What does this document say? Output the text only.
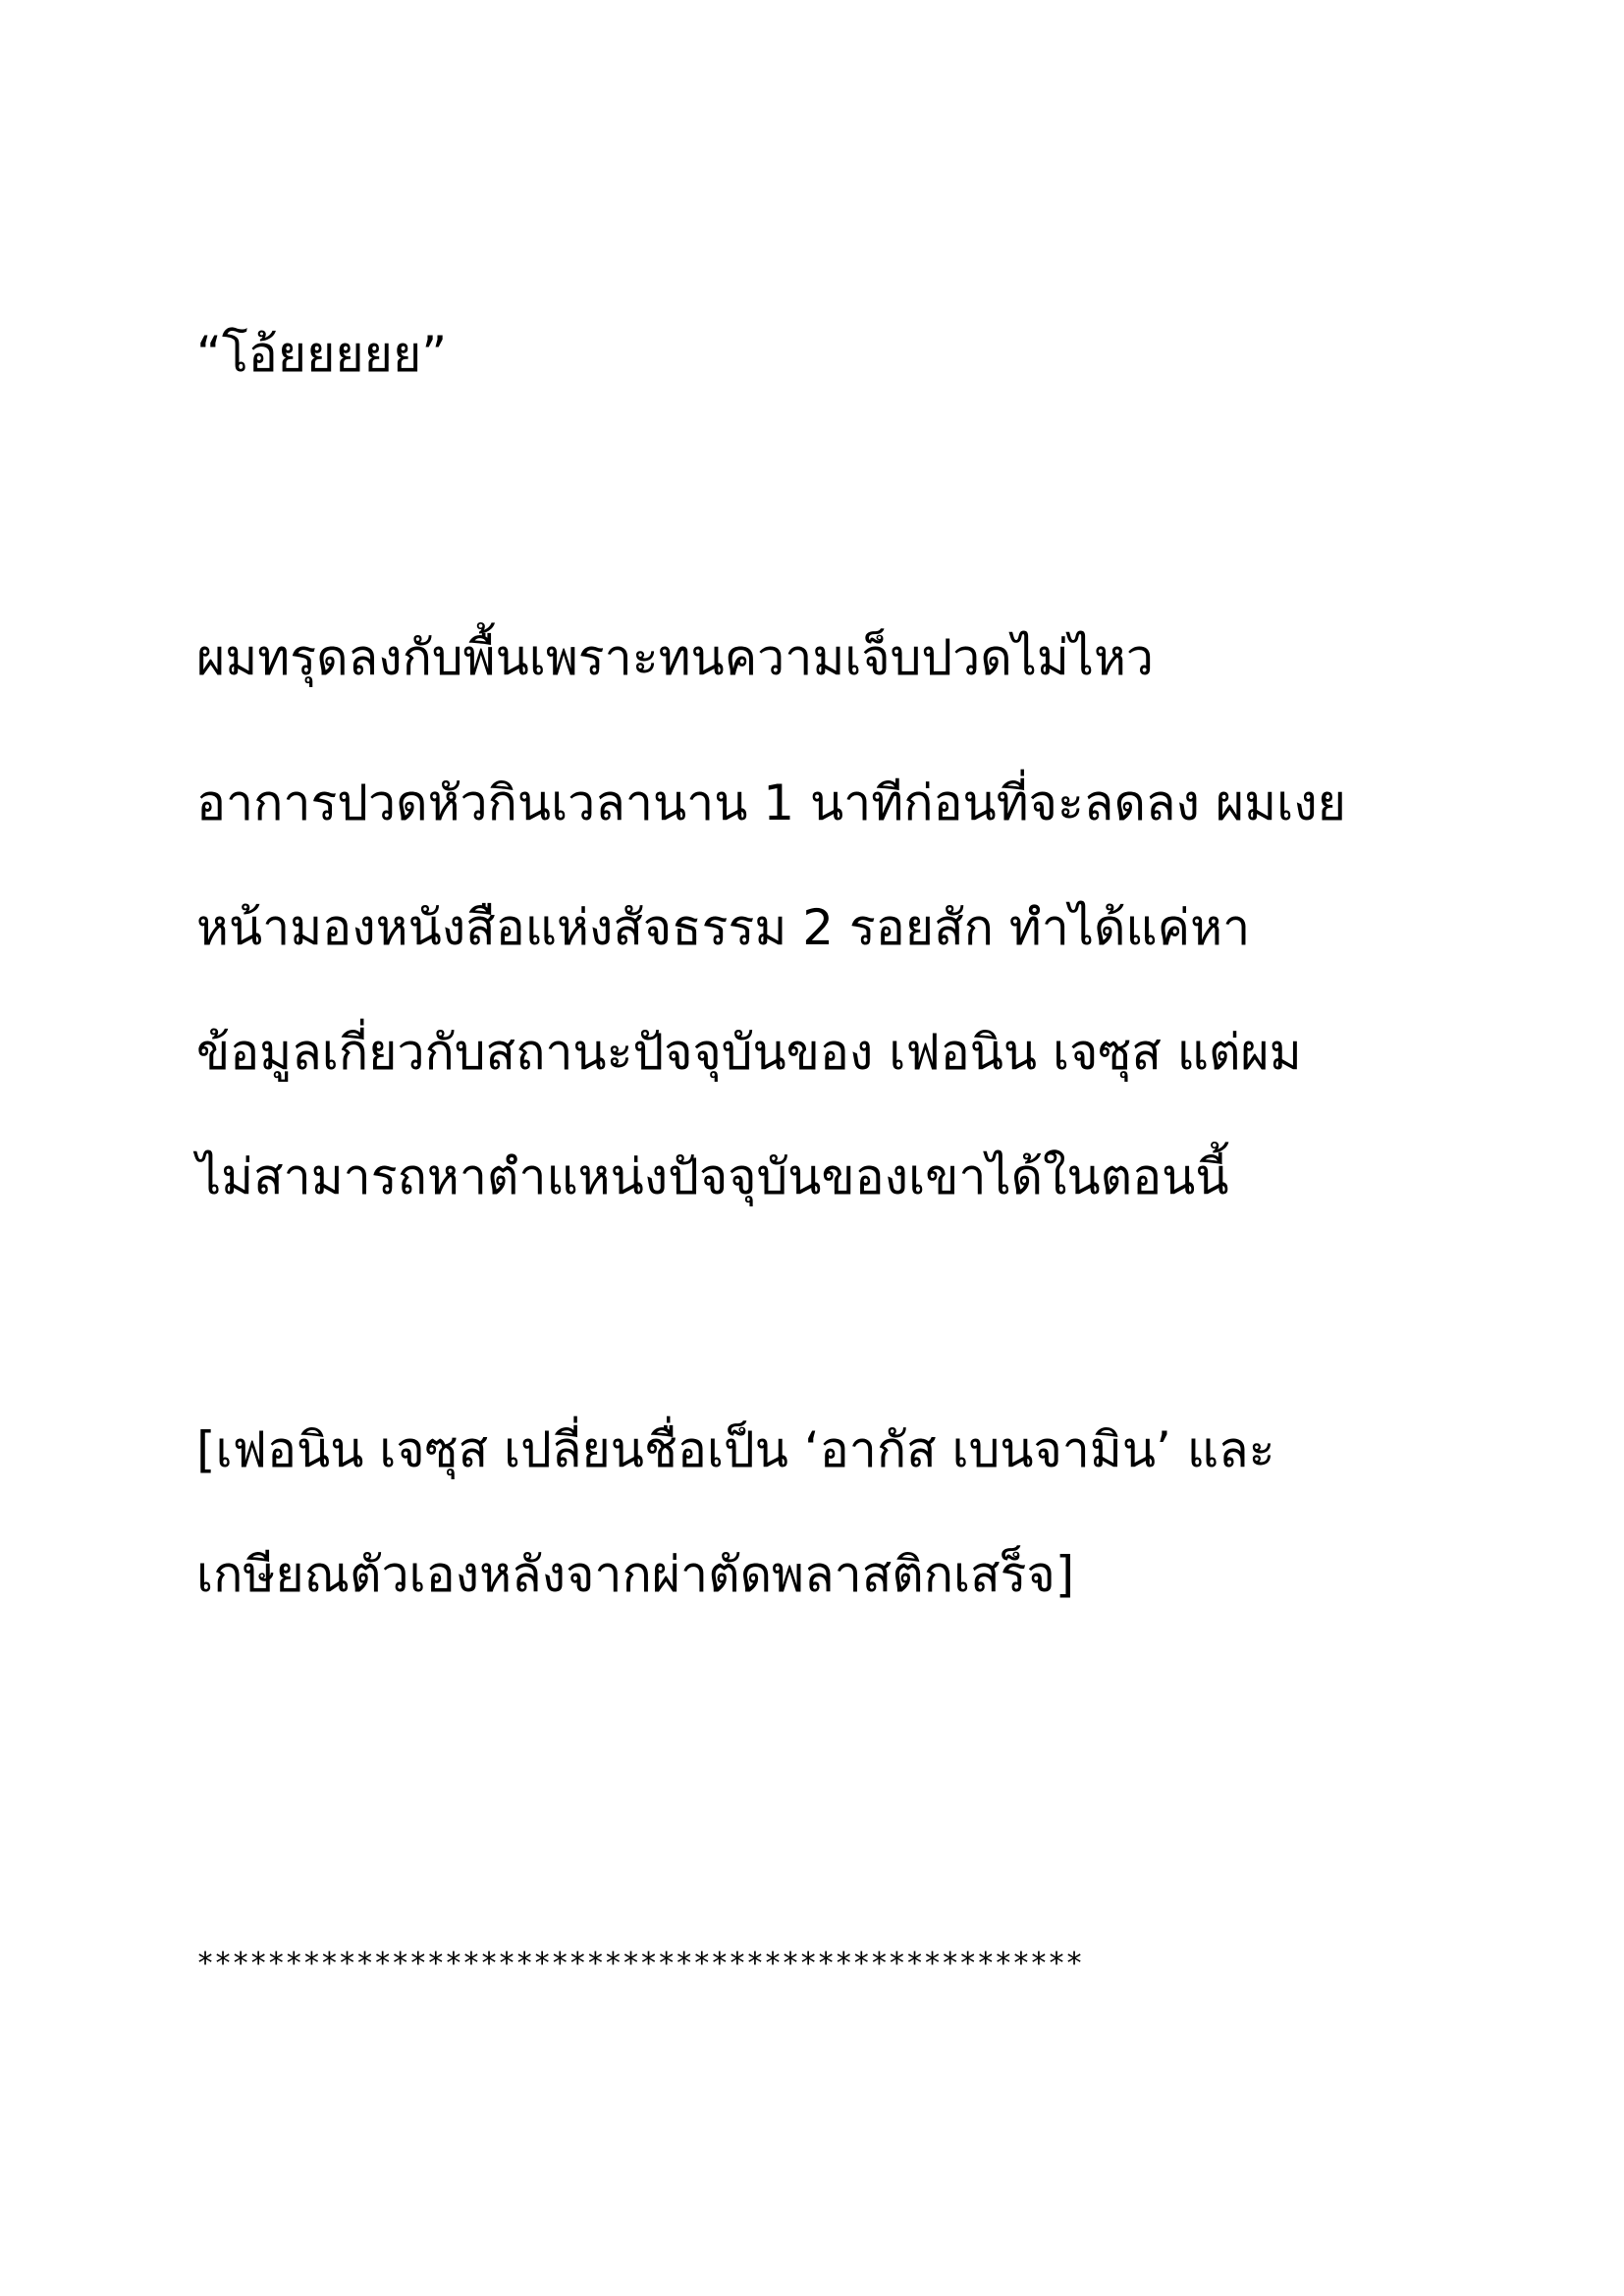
“โอ้ยยยยย”

ผมทรุดลงกับพื้นเพราะทนความเจ็บปวดไม่ไหว

อาการปวดหัวกินเวลานาน 1 นาทีก่อนที่จะลดลง ผมเงย

หน้ามองหนังสือแห่งสัจธรรม 2 รอยสัก ทำได้แค่หา

ข้อมูลเกี่ยวกับสถานะปัจจุบันของ เฟอนิน เจซุส แต่ผม

ไม่สามารถหาตำแหน่งปัจจุบันของเขาได้ในตอนนี้

[เฟอนิน เจซุส เปลี่ยนชื่อเป็น ‘อากัส เบนจามิน’ และ

เกษียณตัวเองหลังจากผ่าตัดพลาสติกเสร็จ]

**************************************************
